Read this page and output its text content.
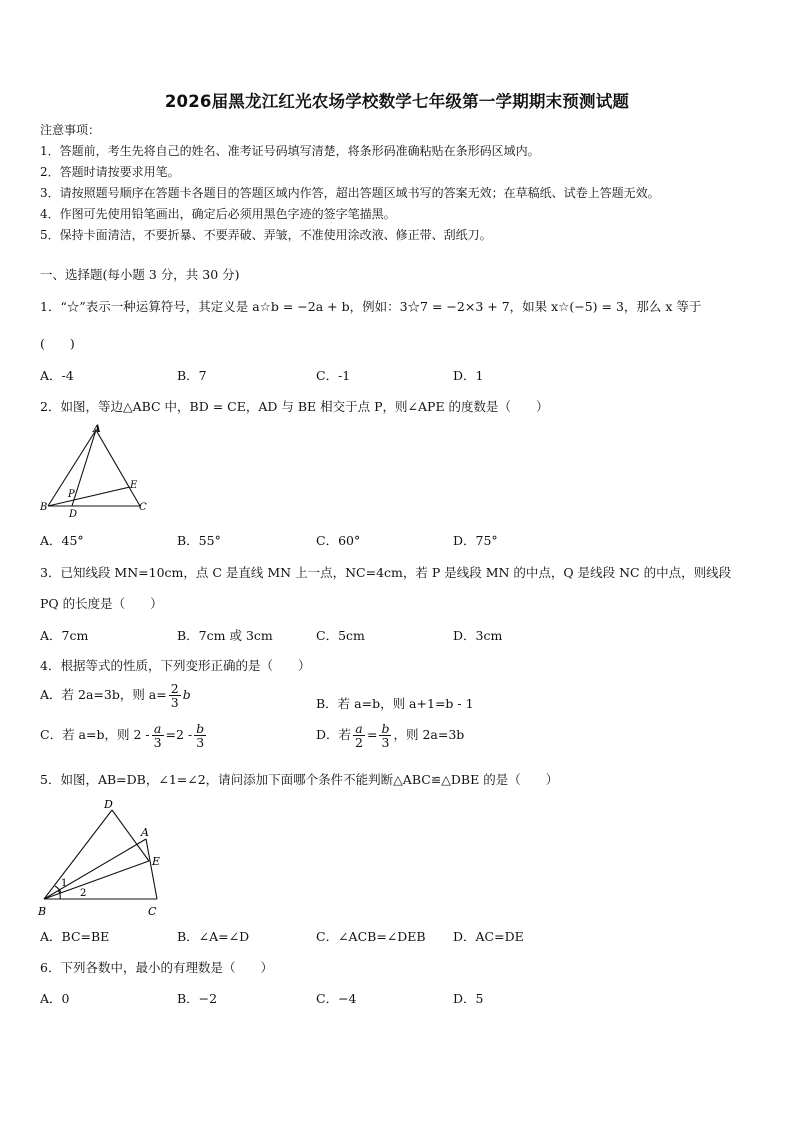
2026届黑龙江红光农场学校数学七年级第一学期期末预测试题
注意事项：
1．答题前，考生先将自己的姓名、准考证号码填写清楚，将条形码准确粘贴在条形码区域内。
2．答题时请按要求用笔。
3．请按照题号顺序在答题卡各题目的答题区域内作答，超出答题区域书写的答案无效；在草稿纸、试卷上答题无效。
4．作图可先使用铅笔画出，确定后必须用黑色字迹的签字笔描黑。
5．保持卡面清洁，不要折暴、不要弄破、弄皱，不准使用涂改液、修正带、刮纸刀。
一、选择题(每小题 3 分，共 30 分)
1．“☆”表示一种运算符号，其定义是 a☆b = −2a + b，例如：3☆7 = −2×3 + 7，如果 x☆(−5) = 3，那么 x 等于
(　　)
A．-4	B．7	C．-1	D．1
2．如图，等边△ABC 中，BD = CE，AD 与 BE 相交于点 P，则∠APE 的度数是（　　）
A
E
P
B
D
C
A．45°	B．55°	C．60°	D．75°
3．已知线段 MN=10cm，点 C 是直线 MN 上一点，NC=4cm，若 P 是线段 MN 的中点，Q 是线段 NC 的中点，则线段
PQ 的长度是（　　）
A．7cm	B．7cm 或 3cm	C．5cm	D．3cm
4．根据等式的性质，下列变形正确的是（　　）
A．若 2a=3b，则 $a= \frac{2}{3}$ b
B．若 a=b，则 a+1=b - 1
C．若 a=b，则 $2 - \frac{a}{3} =2 - \frac{b}{3}$	D．若 $\frac{a}{2} = \frac{b}{3}$ ，则 2a=3b
5．如图，AB=DB，∠1=∠2，请问添加下面哪个条件不能判断△ABC≌△DBE 的是（　　）
D
A
E
1
2
B	C
A．BC=BE	B．∠A=∠D	C．∠ACB=∠DEB D．AC=DE
6．下列各数中，最小的有理数是（　　）
A．0	B．−2	C．−4	D．5
